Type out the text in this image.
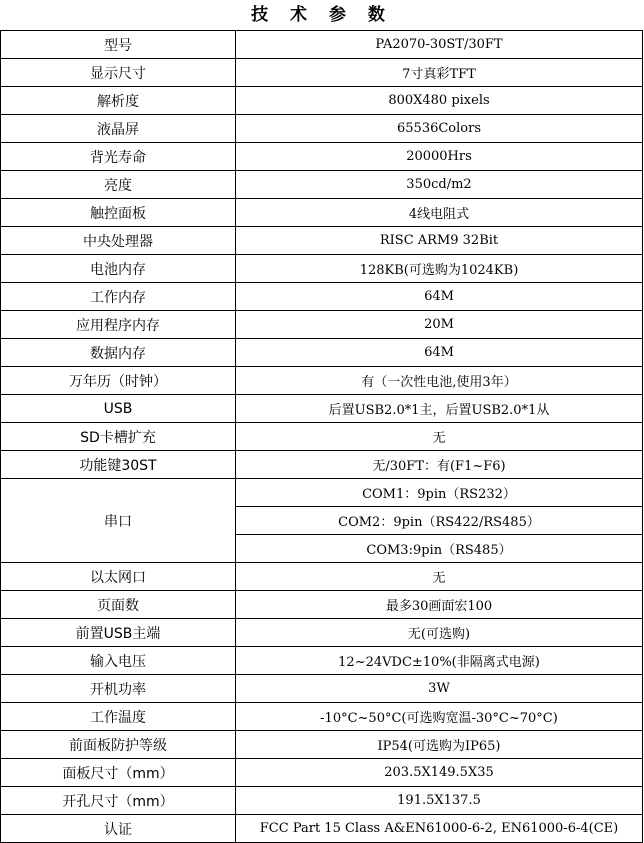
技 术 参 数
型号	PA2070-30ST/30FT
显示尺寸	7寸真彩TFT
解析度	800X480 pixels
液晶屏	65536Colors
背光寿命	20000Hrs
亮度	350cd/m2
触控面板	4线电阻式
中央处理器	RISC ARM9 32Bit
电池内存	128KB(可选购为1024KB)
工作内存	64M
应用程序内存	20M
数据内存	64M
万年历（时钟）	有（一次性电池,使用3年）
USB	后置USB2.0*1主，后置USB2.0*1从
SD卡槽扩充	无
功能键30ST	无/30FT：有(F1~F6)
串口	COM1：9pin（RS232）
	COM2：9pin（RS422/RS485）
	COM3:9pin（RS485）
以太网口	无
页面数	最多30画面宏100
前置USB主端	无(可选购)
输入电压	12~24VDC±10%(非隔离式电源)
开机功率	3W
工作温度	-10°C~50°C(可选购宽温-30°C~70°C)
前面板防护等级	IP54(可选购为IP65)
面板尺寸（mm）	203.5X149.5X35
开孔尺寸（mm）	191.5X137.5
认证	FCC Part 15 Class A&EN61000-6-2, EN61000-6-4(CE)
